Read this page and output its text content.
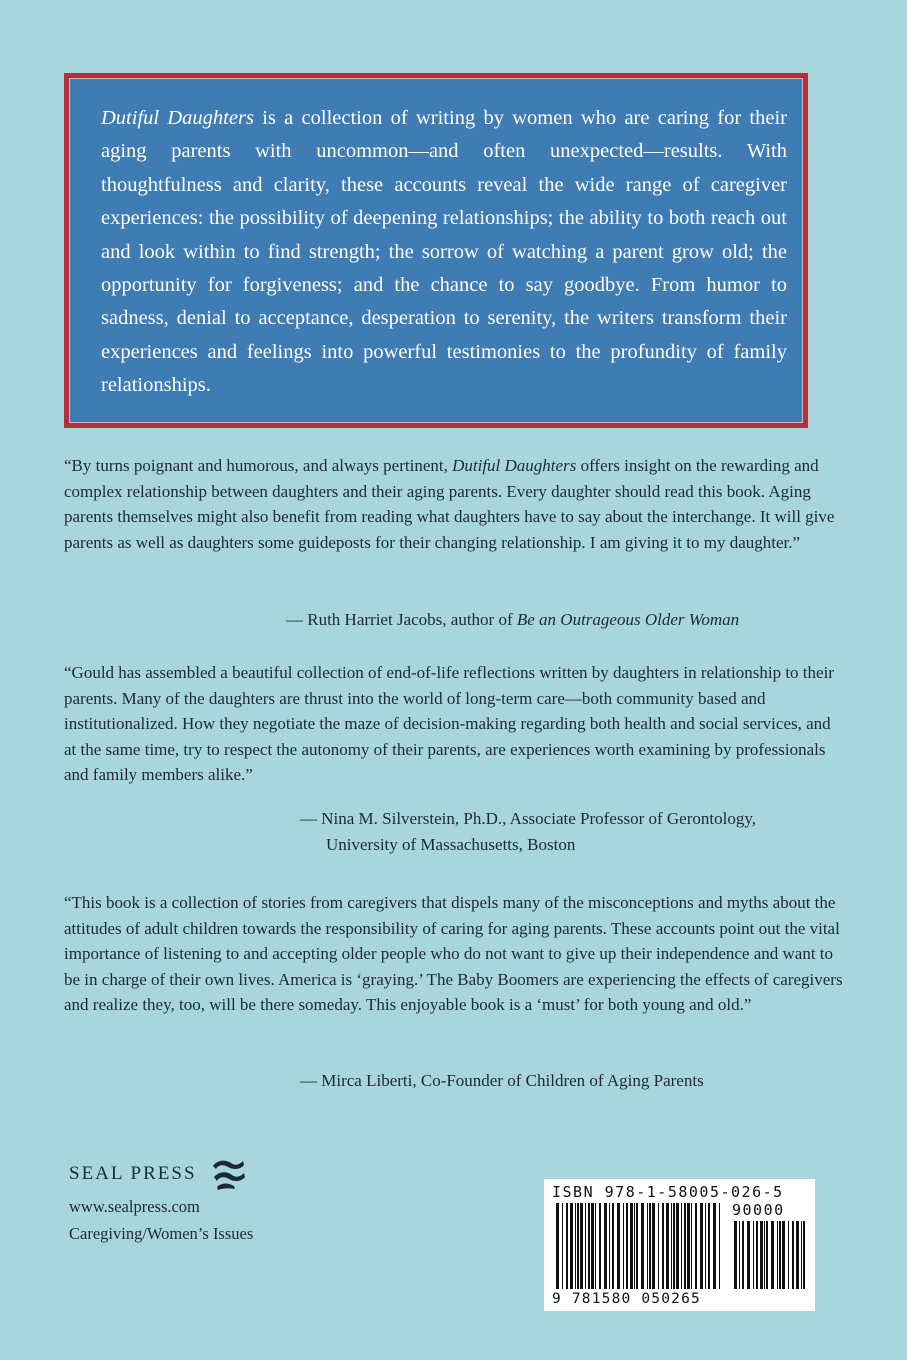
Dutiful Daughters is a collection of writing by women who are caring for their aging parents with uncommon—and often unexpected—results. With thoughtfulness and clarity, these accounts reveal the wide range of caregiver experiences: the possibility of deepening relationships; the ability to both reach out and look within to find strength; the sorrow of watching a parent grow old; the opportunity for forgiveness; and the chance to say goodbye. From humor to sadness, denial to acceptance, desperation to serenity, the writers transform their experiences and feelings into powerful testimonies to the profundity of family relationships.

“By turns poignant and humorous, and always pertinent, Dutiful Daughters offers insight on the rewarding and complex relationship between daughters and their aging parents. Every daughter should read this book. Aging parents themselves might also benefit from reading what daughters have to say about the interchange. It will give parents as well as daughters some guideposts for their changing relationship. I am giving it to my daughter.”

— Ruth Harriet Jacobs, author of Be an Outrageous Older Woman

“Gould has assembled a beautiful collection of end-of-life reflections written by daughters in relationship to their parents. Many of the daughters are thrust into the world of long-term care—both community based and institutionalized. How they negotiate the maze of decision-making regarding both health and social services, and at the same time, try to respect the autonomy of their parents, are experiences worth examining by professionals and family members alike.”

— Nina M. Silverstein, Ph.D., Associate Professor of Gerontology,
University of Massachusetts, Boston

“This book is a collection of stories from caregivers that dispels many of the misconceptions and myths about the attitudes of adult children towards the responsibility of caring for aging parents. These accounts point out the vital importance of listening to and accepting older people who do not want to give up their independence and want to be in charge of their own lives. America is ‘graying.’ The Baby Boomers are experiencing the effects of caregivers and realize they, too, will be there someday. This enjoyable book is a ‘must’ for both young and old.”

— Mirca Liberti, Co-Founder of Children of Aging Parents
SEAL PRESS
www.sealpress.com
Caregiving/Women’s Issues
ISBN 978-1-58005-026-5
90000
9 781580 050265
